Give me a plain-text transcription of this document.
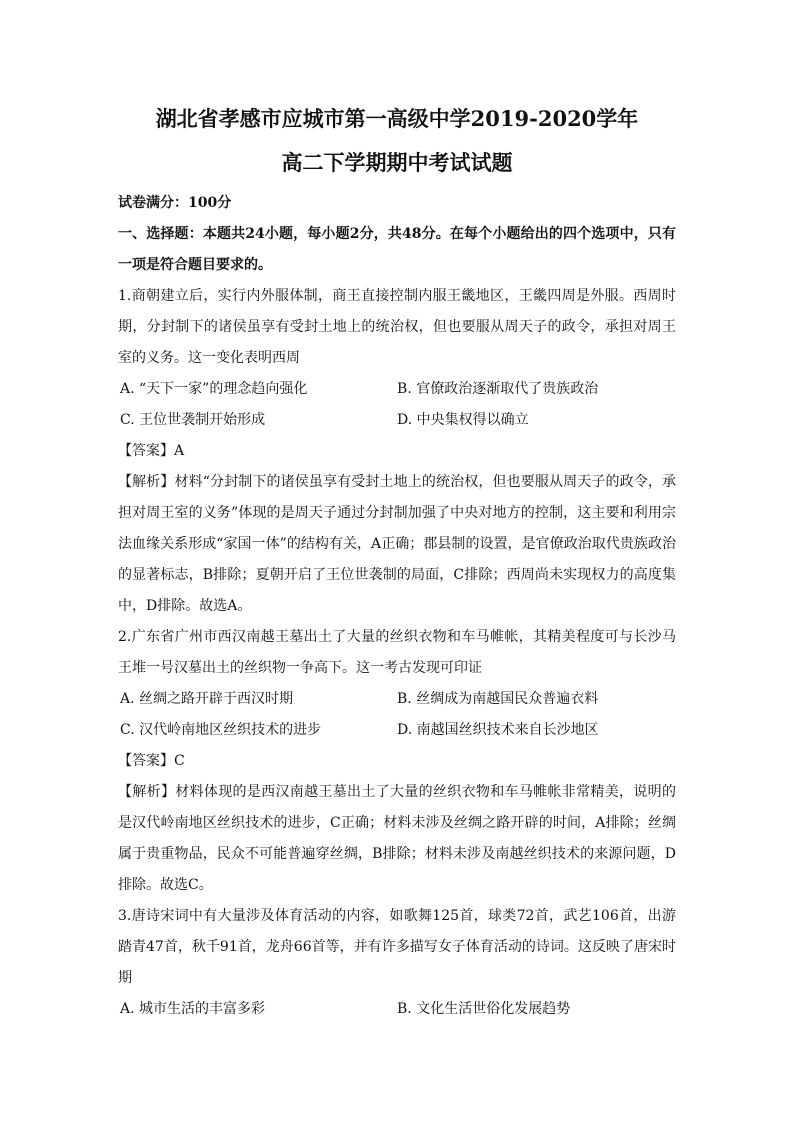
湖北省孝感市应城市第一高级中学2019-2020学年
高二下学期期中考试试题

试卷满分：100分

一、选择题：本题共24小题，每小题2分，共48分。在每个小题给出的四个选项中，只有一项是符合题目要求的。

1.商朝建立后，实行内外服体制，商王直接控制内服王畿地区，王畿四周是外服。西周时期，分封制下的诸侯虽享有受封土地上的统治权，但也要服从周天子的政令，承担对周王室的义务。这一变化表明西周

A. “天下一家”的理念趋向强化	B. 官僚政治逐渐取代了贵族政治
C. 王位世袭制开始形成	D. 中央集权得以确立

【答案】A

【解析】材料“分封制下的诸侯虽享有受封土地上的统治权，但也要服从周天子的政令，承担对周王室的义务”体现的是周天子通过分封制加强了中央对地方的控制，这主要和利用宗法血缘关系形成“家国一体”的结构有关，A正确；郡县制的设置，是官僚政治取代贵族政治的显著标志，B排除；夏朝开启了王位世袭制的局面，C排除；西周尚未实现权力的高度集中，D排除。故选A。

2.广东省广州市西汉南越王墓出土了大量的丝织衣物和车马帷帐，其精美程度可与长沙马王堆一号汉墓出土的丝织物一争高下。这一考古发现可印证

A. 丝绸之路开辟于西汉时期	B. 丝绸成为南越国民众普遍衣料
C. 汉代岭南地区丝织技术的进步	D. 南越国丝织技术来自长沙地区

【答案】C

【解析】材料体现的是西汉南越王墓出土了大量的丝织衣物和车马帷帐非常精美，说明的是汉代岭南地区丝织技术的进步，C正确；材料未涉及丝绸之路开辟的时间，A排除；丝绸属于贵重物品，民众不可能普遍穿丝绸，B排除；材料未涉及南越丝织技术的来源问题，D排除。故选C。

3.唐诗宋词中有大量涉及体育活动的内容，如歌舞125首，球类72首，武艺106首，出游踏青47首，秋千91首，龙舟66首等，并有许多描写女子体育活动的诗词。这反映了唐宋时期

A. 城市生活的丰富多彩	B. 文化生活世俗化发展趋势
